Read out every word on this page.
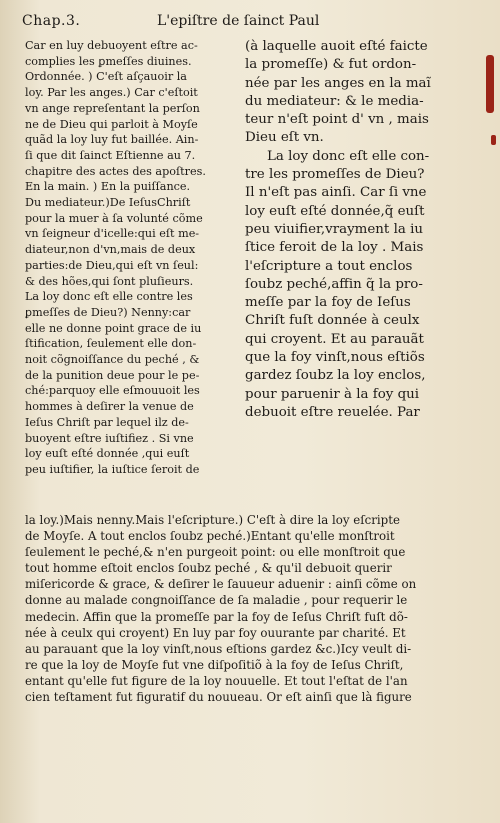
Chap.3.	L'epiſtre de ſainct Paul
Car en luy debuoyent eſtre ac-
complies les ꝑmeſſes diuines.
Ordonnée. ) C'eſt aſçauoir la
loy. Par les anges.) Car c'eſtoit
vn ange repreſentant la perſon
ne de Dieu qui parloit à Moyſe
quãd la loy luy fut baillée. Ain-
ſi que dit ſainct Eſtienne au 7.
chapitre des actes des apoſtres.
En la main. ) En la puiſſance.
Du mediateur.)De IeſusChriſt
pour la muer à ſa volunté cõme
vn ſeigneur d'icelle:qui eſt me-
diateur,non d'vn,mais de deux
parties:de Dieu,qui eſt vn ſeul:
& des hões,qui ſont pluſieurs.
La loy donc eſt elle contre les
ꝑmeſſes de Dieu?) Nenny:car
elle ne donne point grace de iu
ſtification, ſeulement elle don-
noit cõgnoiſſance du peché , &
de la punition deue pour le pe-
ché:parquoy elle eſmouuoit les
hommes à deſirer la venue de
Ieſus Chriſt par lequel ilz de-
buoyent eſtre iuſtifiez . Si vne
loy euſt eſté donnée ,qui euſt
peu iuſtifier, la iuſtice ſeroit de
(à laquelle auoit eſté faicte
la promeſſe) & fut ordon-
née par les anges en la maĩ
du mediateur: & le media-
teur n'eſt point d' vn , mais
Dieu eſt vn.
La loy donc eſt elle con-
tre les promeſſes de Dieu?
Il n'eſt pas ainſi. Car ſi vne
loy euſt eſté donnée,q̃ euſt
peu viuifier,vrayment la iu
ſtice feroit de la loy . Mais
l'eſcripture a tout enclos
ſoubz peché,affin q̃ la pro-
meſſe par la foy de Ieſus
Chriſt fuſt donnée à ceulx
qui croyent. Et au parauãt
que la foy vinſt,nous eſtiõs
gardez ſoubz la loy enclos,
pour paruenir à la foy qui
debuoit eſtre reuelée. Par
la loy.)Mais nenny.Mais l'eſcripture.) C'eſt à dire la loy eſcripte
de Moyſe. A tout enclos ſoubz peché.)Entant qu'elle monſtroit
ſeulement le peché,& n'en purgeoit point: ou elle monſtroit que
tout homme eſtoit enclos ſoubz peché , & qu'il debuoit querir
miſericorde & grace, & deſirer le ſauueur aduenir : ainſi cõme on
donne au malade congnoiſſance de ſa maladie , pour requerir le
medecin. Affin que la promeſſe par la foy de Ieſus Chriſt fuſt dõ-
née à ceulx qui croyent) En luy par foy ouurante par charité. Et
au parauant que la loy vinſt,nous eſtions gardez &c.)Icy veult di-
re que la loy de Moyſe fut vne diſpoſitiõ à la foy de Ieſus Chriſt,
entant qu'elle fut figure de la loy nouuelle. Et tout l'eſtat de l'an
cien teſtament fut figuratif du nouueau. Or eſt ainſi que là figure
